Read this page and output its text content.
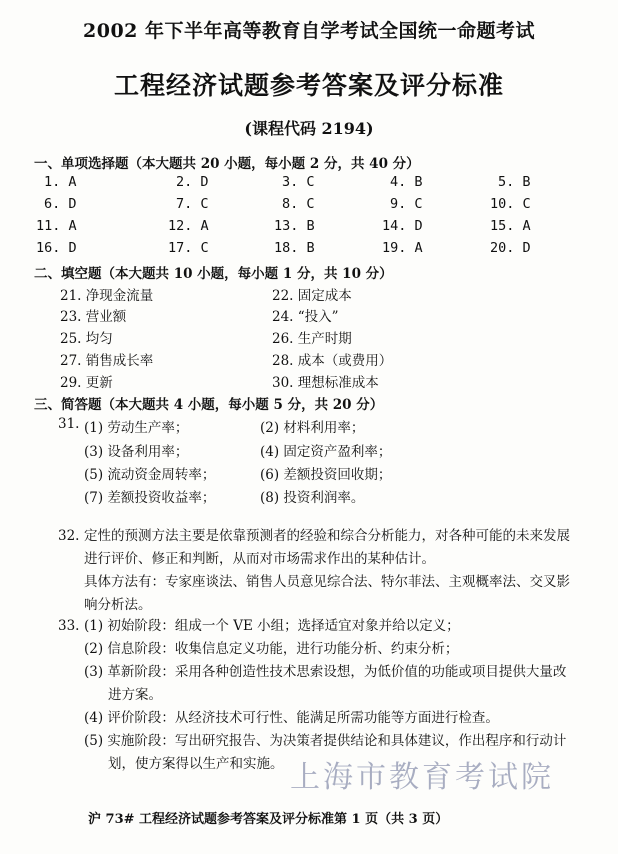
2002 年下半年高等教育自学考试全国统一命题考试
工程经济试题参考答案及评分标准
(课程代码 2194)
一、单项选择题（本大题共 20 小题，每小题 2 分，共 40 分）
1. A	2. D	3. C	4. B	5. B
6. D	7. C	8. C	9. C	10. C
11. A	12. A	13. B	14. D	15. A
16. D	17. C	18. B	19. A	20. D
二、填空题（本大题共 10 小题，每小题 1 分，共 10 分）
21. 净现金流量	22. 固定成本
23. 营业额	24. “投入”
25. 均匀	26. 生产时期
27. 销售成长率	28. 成本（或费用）
29. 更新	30. 理想标准成本
三、简答题（本大题共 4 小题，每小题 5 分，共 20 分）
31. (1) 劳动生产率；	(2) 材料利用率；
(3) 设备利用率；	(4) 固定资产盈利率；
(5) 流动资金周转率；	(6) 差额投资回收期；
(7) 差额投资收益率；	(8) 投资利润率。
32. 定性的预测方法主要是依靠预测者的经验和综合分析能力，对各种可能的未来发展
进行评价、修正和判断，从而对市场需求作出的某种估计。
具体方法有：专家座谈法、销售人员意见综合法、特尔菲法、主观概率法、交叉影
响分析法。
33. (1) 初始阶段：组成一个 VE 小组；选择适宜对象并给以定义；
(2) 信息阶段：收集信息定义功能，进行功能分析、约束分析；
(3) 革新阶段：采用各种创造性技术思索设想，为低价值的功能或项目提供大量改
进方案。
(4) 评价阶段：从经济技术可行性、能满足所需功能等方面进行检查。
(5) 实施阶段：写出研究报告、为决策者提供结论和具体建议，作出程序和行动计
划，使方案得以生产和实施。 上海市教育考试院
沪 73# 工程经济试题参考答案及评分标准第 1 页（共 3 页）
